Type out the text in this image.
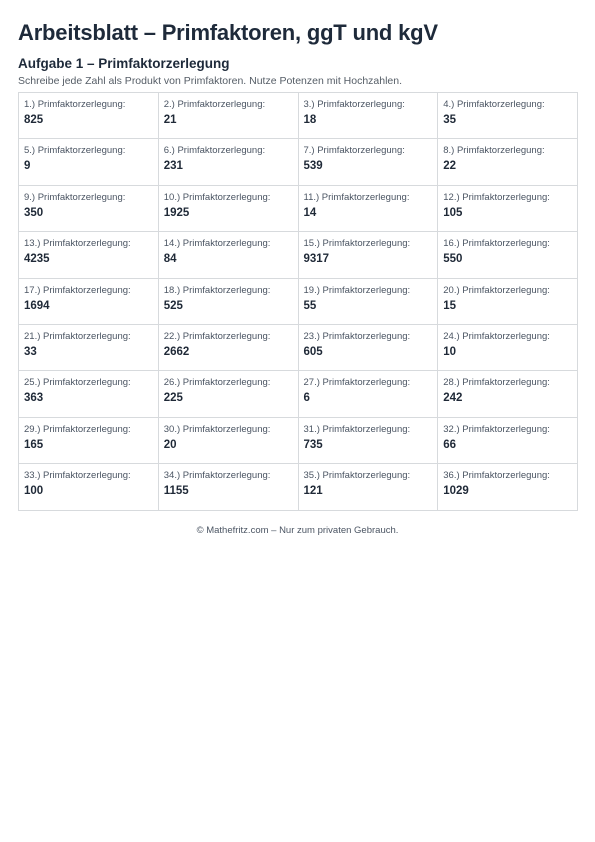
Arbeitsblatt – Primfaktoren, ggT und kgV
Aufgabe 1 – Primfaktorzerlegung

Schreibe jede Zahl als Produkt von Primfaktoren. Nutze Potenzen mit Hochzahlen.

1.) Primfaktorzerlegung:
825
2.) Primfaktorzerlegung:
21
3.) Primfaktorzerlegung:
18
4.) Primfaktorzerlegung:
35
5.) Primfaktorzerlegung:
9
6.) Primfaktorzerlegung:
231
7.) Primfaktorzerlegung:
539
8.) Primfaktorzerlegung:
22
9.) Primfaktorzerlegung:
350
10.) Primfaktorzerlegung:
1925
11.) Primfaktorzerlegung:
14
12.) Primfaktorzerlegung:
105
13.) Primfaktorzerlegung:
4235
14.) Primfaktorzerlegung:
84
15.) Primfaktorzerlegung:
9317
16.) Primfaktorzerlegung:
550
17.) Primfaktorzerlegung:
1694
18.) Primfaktorzerlegung:
525
19.) Primfaktorzerlegung:
55
20.) Primfaktorzerlegung:
15
21.) Primfaktorzerlegung:
33
22.) Primfaktorzerlegung:
2662
23.) Primfaktorzerlegung:
605
24.) Primfaktorzerlegung:
10
25.) Primfaktorzerlegung:
363
26.) Primfaktorzerlegung:
225
27.) Primfaktorzerlegung:
6
28.) Primfaktorzerlegung:
242
29.) Primfaktorzerlegung:
165
30.) Primfaktorzerlegung:
20
31.) Primfaktorzerlegung:
735
32.) Primfaktorzerlegung:
66
33.) Primfaktorzerlegung:
100
34.) Primfaktorzerlegung:
1155
35.) Primfaktorzerlegung:
121
36.) Primfaktorzerlegung:
1029
© Mathefritz.com – Nur zum privaten Gebrauch.
